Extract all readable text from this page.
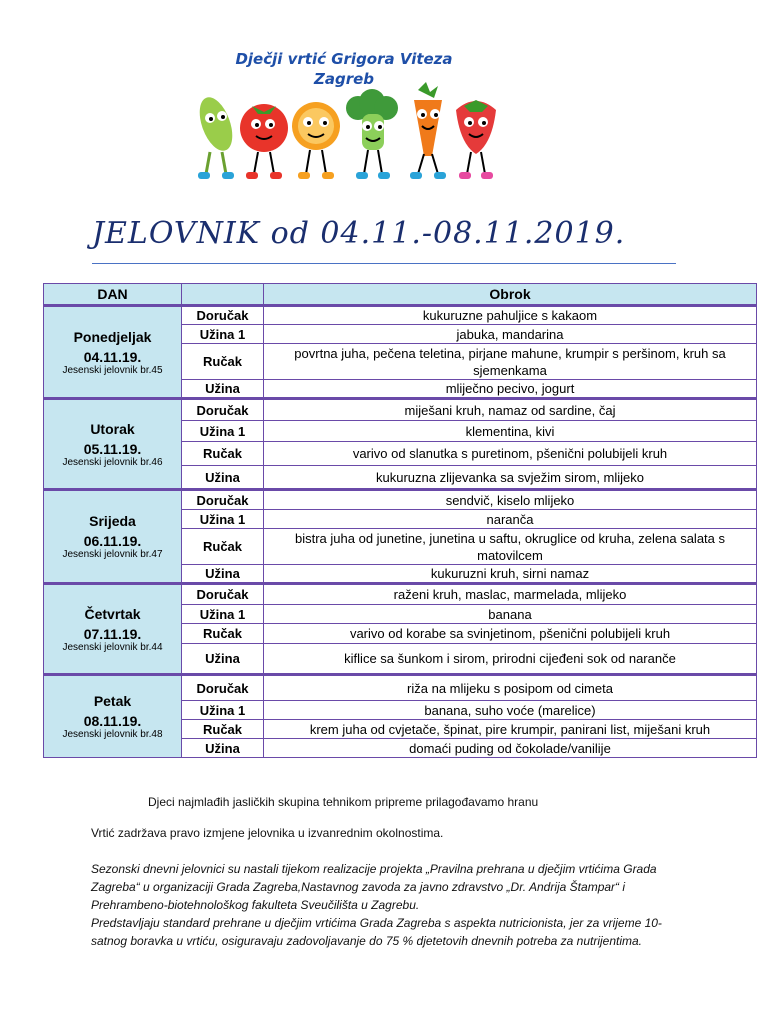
Dječji vrtić Grigora Viteza
Zagreb
JELOVNIK od 04.11.-08.11.2019.
DAN		Obrok

Ponedjeljak
04.11.19.
Jesenski jelovnik br.45	Doručak	kukuruzne pahuljice s kakaom
	Užina 1	jabuka, mandarina
	Ručak	povrtna juha, pečena teletina, pirjane mahune, krumpir s peršinom, kruh sa sjemenkama
	Užina	mliječno pecivo, jogurt

Utorak
05.11.19.
Jesenski jelovnik br.46	Doručak	miješani kruh, namaz od sardine, čaj
	Užina 1	klementina, kivi
	Ručak	varivo od slanutka s puretinom, pšenični polubijeli kruh
	Užina	kukuruzna zlijevanka sa svježim sirom, mlijeko

Srijeda
06.11.19.
Jesenski jelovnik br.47	Doručak	sendvič, kiselo mlijeko
	Užina 1	naranča
	Ručak	bistra juha od junetine, junetina u saftu, okruglice od kruha, zelena salata s matovilcem
	Užina	kukuruzni kruh, sirni namaz

Četvrtak
07.11.19.
Jesenski jelovnik br.44	Doručak	raženi kruh, maslac, marmelada, mlijeko
	Užina 1	banana
	Ručak	varivo od korabe sa svinjetinom, pšenični polubijeli kruh
	Užina	kiflice sa šunkom i sirom, prirodni cijeđeni sok od naranče

Petak
08.11.19.
Jesenski jelovnik br.48	Doručak	riža na mlijeku s posipom od cimeta
	Užina 1	banana, suho voće (marelice)
	Ručak	krem juha od cvjetače, špinat, pire krumpir, panirani list, miješani kruh
	Užina	domaći puding od čokolade/vanilije
Djeci najmlađih jasličkih skupina tehnikom pripreme prilagođavamo hranu
Vrtić zadržava pravo izmjene jelovnika u izvanrednim okolnostima.

Sezonski dnevni jelovnici su nastali tijekom realizacije projekta „Pravilna prehrana u dječjim vrtićima Grada Zagreba“ u organizaciji Grada Zagreba,Nastavnog zavoda za javno zdravstvo „Dr. Andrija Štampar“ i Prehrambeno-biotehnološkog fakulteta Sveučilišta u Zagrebu.

Predstavljaju standard prehrane u dječjim vrtićima Grada Zagreba s aspekta nutricionista, jer za vrijeme 10-satnog boravka u vrtiću, osiguravaju zadovoljavanje do 75 % djetetovih dnevnih potreba za nutrijentima.
